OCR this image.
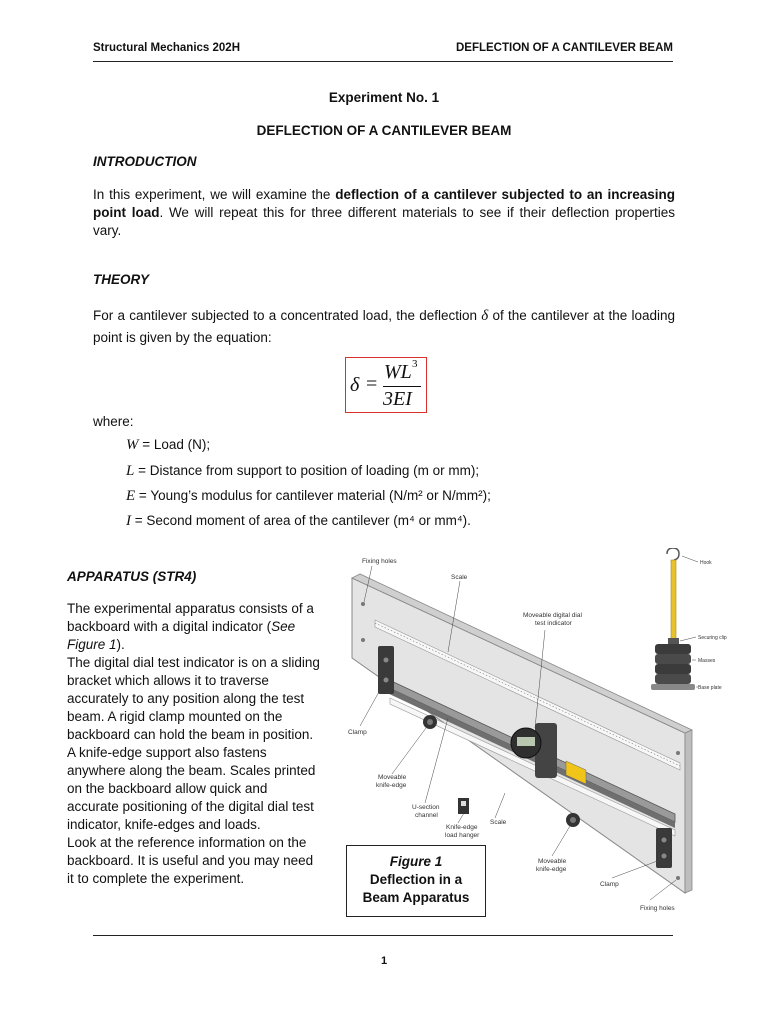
Structural Mechanics 202H	DEFLECTION OF A CANTILEVER BEAM
Experiment No. 1
DEFLECTION OF A CANTILEVER BEAM
INTRODUCTION
In this experiment, we will examine the deflection of a cantilever subjected to an increasing point load. We will repeat this for three different materials to see if their deflection properties vary.
THEORY
For a cantilever subjected to a concentrated load, the deflection δ of the cantilever at the loading point is given by the equation:
δ =
WL 3
3EI
where:
W = Load (N);
L = Distance from support to position of loading (m or mm);
E = Young’s modulus for cantilever material (N/m² or N/mm²);
I = Second moment of area of the cantilever (m⁴ or mm⁴).
APPARATUS (STR4)
The experimental apparatus consists of a backboard with a digital indicator (See Figure 1).
The digital dial test indicator is on a sliding bracket which allows it to traverse accurately to any position along the test beam. A rigid clamp mounted on the backboard can hold the beam in position. A knife-edge support also fastens anywhere along the beam. Scales printed on the backboard allow quick and accurate positioning of the digital dial test indicator, knife-edges and loads.
Look at the reference information on the backboard. It is useful and you may need it to complete the experiment.
Fixing holes
Scale
Moveable digital dial
test indicator
Clamp
Moveable
knife-edge
U-section
channel
Knife-edge
load hanger
Scale
Moveable
knife-edge
Clamp
Fixing holes
Hook
Securing clip
Masses
Base plate
Figure 1
Deflection in a
Beam Apparatus
1
